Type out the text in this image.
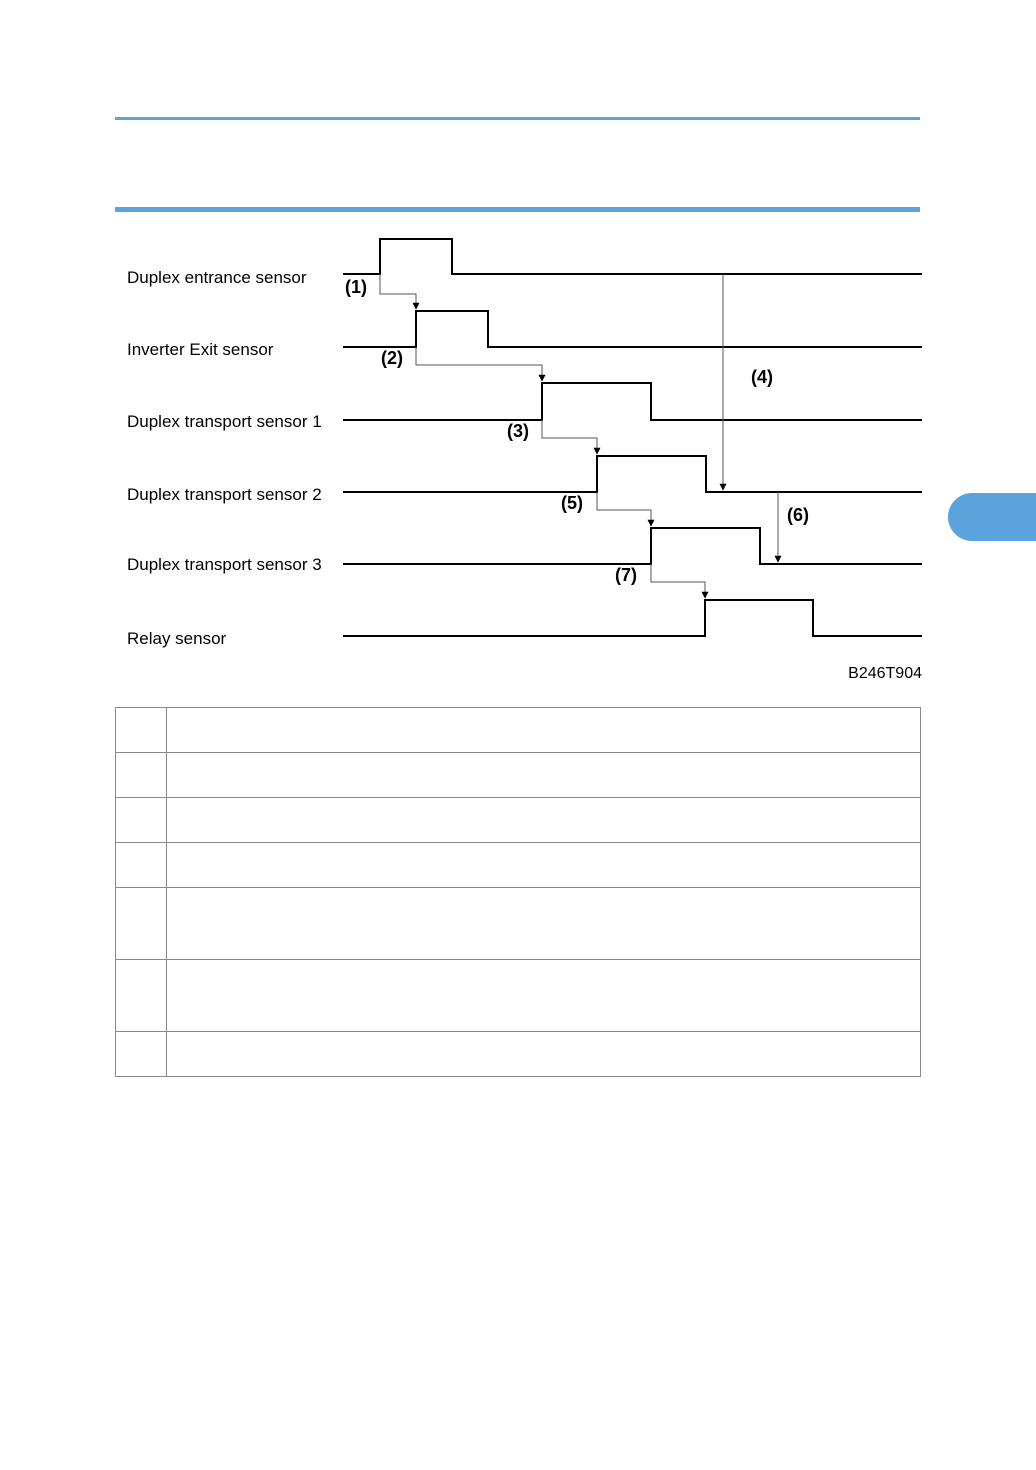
Duplex entrance sensor
Inverter Exit sensor
Duplex transport sensor 1
Duplex transport sensor 2
Duplex transport sensor 3
Relay sensor
(1)
(2)
(3)
(4)
(5)
(6)
(7)
B246T904
